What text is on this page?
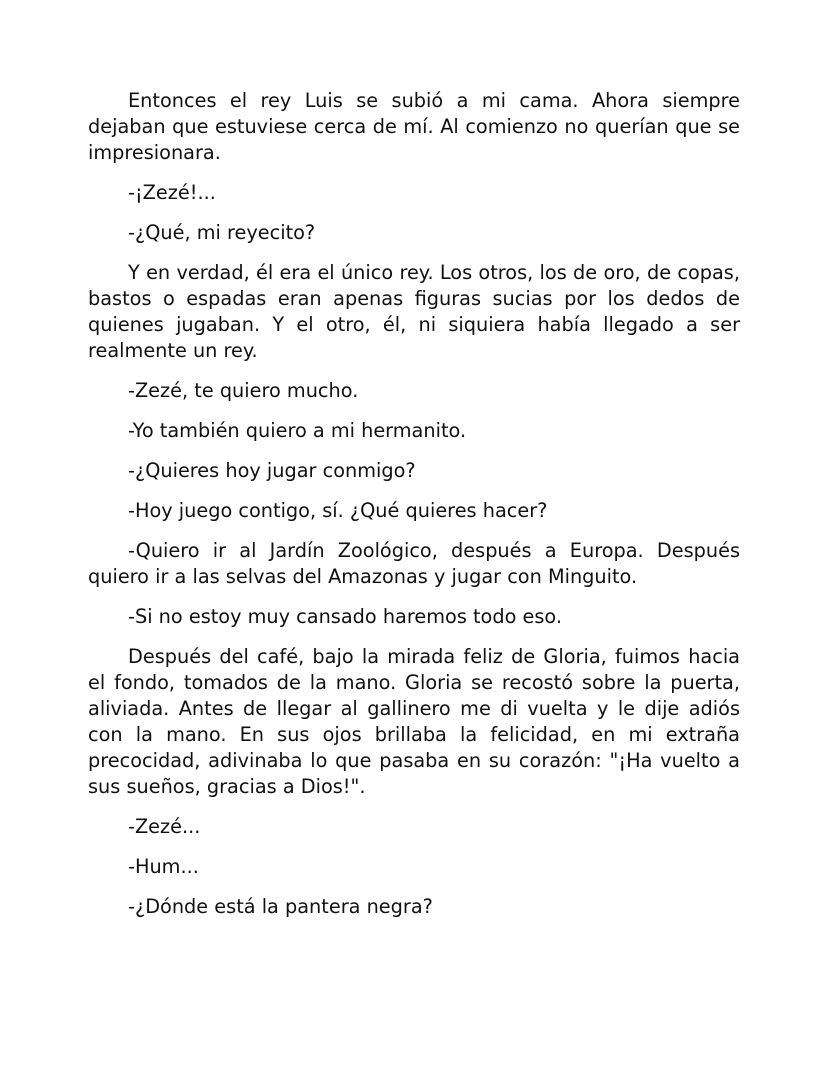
Entonces el rey Luis se subió a mi cama. Ahora siempre dejaban que estuviese cerca de mí. Al comienzo no querían que se impresionara.

-¡Zezé!...

-¿Qué, mi reyecito?

Y en verdad, él era el único rey. Los otros, los de oro, de copas, bastos o espadas eran apenas figuras sucias por los dedos de quienes jugaban. Y el otro, él, ni siquiera había llegado a ser realmente un rey.

-Zezé, te quiero mucho.

-Yo también quiero a mi hermanito.

-¿Quieres hoy jugar conmigo?

-Hoy juego contigo, sí. ¿Qué quieres hacer?

-Quiero ir al Jardín Zoológico, después a Europa. Después quiero ir a las selvas del Amazonas y jugar con Minguito.

-Si no estoy muy cansado haremos todo eso.

Después del café, bajo la mirada feliz de Gloria, fuimos hacia el fondo, tomados de la mano. Gloria se recostó sobre la puerta, aliviada. Antes de llegar al gallinero me di vuelta y le dije adiós con la mano. En sus ojos brillaba la felicidad, en mi extraña precocidad, adivinaba lo que pasaba en su corazón: "¡Ha vuelto a sus sueños, gracias a Dios!".

-Zezé...

-Hum...

-¿Dónde está la pantera negra?
